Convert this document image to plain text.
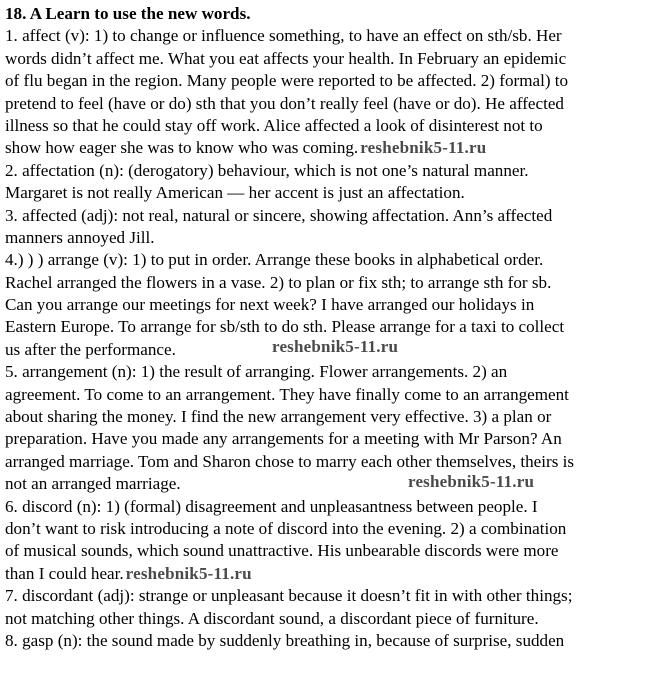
18. A Learn to use the new words.
1. affect (v): 1) to change or influence something, to have an effect on sth/sb. Her
words didn’t affect me. What you eat affects your health. In February an epidemic
of flu began in the region. Many people were reported to be affected. 2) formal) to
pretend to feel (have or do) sth that you don’t really feel (have or do). He affected
illness so that he could stay off work. Alice affected a look of disinterest not to
show how eager she was to know who was coming. reshebnik5-11.ru
2. affectation (n): (derogatory) behaviour, which is not one’s natural manner.
Margaret is not really American — her accent is just an affectation.
3. affected (adj): not real, natural or sincere, showing affectation. Ann’s affected
manners annoyed Jill.
4.) ) ) arrange (v): 1) to put in order. Arrange these books in alphabetical order.
Rachel arranged the flowers in a vase. 2) to plan or fix sth; to arrange sth for sb.
Can you arrange our meetings for next week? I have arranged our holidays in
Eastern Europe. To arrange for sb/sth to do sth. Please arrange for a taxi to collect
us after the performance.
5. arrangement (n): 1) the result of arranging. Flower arrangements. 2) an
agreement. To come to an arrangement. They have finally come to an arrangement
about sharing the money. I find the new arrangement very effective. 3) a plan or
preparation. Have you made any arrangements for a meeting with Mr Parson? An
arranged marriage. Tom and Sharon chose to marry each other themselves, theirs is
not an arranged marriage.
6. discord (n): 1) (formal) disagreement and unpleasantness between people. I
don’t want to risk introducing a note of discord into the evening. 2) a combination
of musical sounds, which sound unattractive. His unbearable discords were more
than I could hear. reshebnik5-11.ru
7. discordant (adj): strange or unpleasant because it doesn’t fit in with other things;
not matching other things. A discordant sound, a discordant piece of furniture.
8. gasp (n): the sound made by suddenly breathing in, because of surprise, sudden
reshebnik5-11.ru
reshebnik5-11.ru
